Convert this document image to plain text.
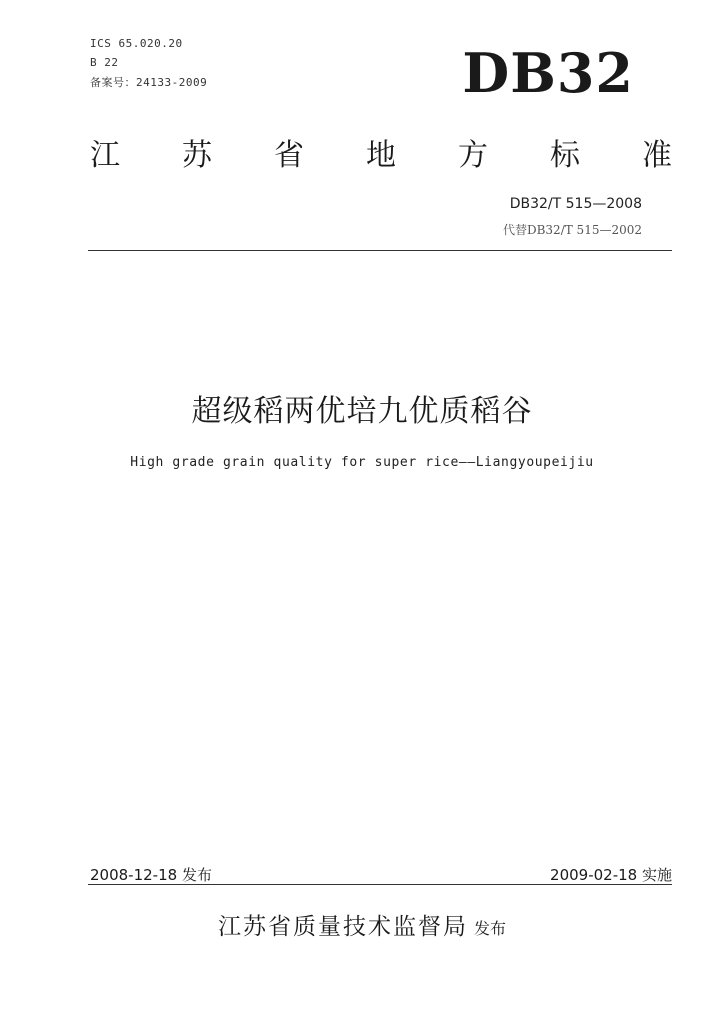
ICS 65.020.20
B 22
备案号：24133-2009	DB32
江 苏 省 地 方 标 准
DB32/T 515—2008
代替DB32/T 515—2002
超级稻两优培九优质稻谷
High grade grain quality for super rice——Liangyoupeijiu
2008-12-18 发布	2009-02-18 实施
江苏省质量技术监督局 发布
